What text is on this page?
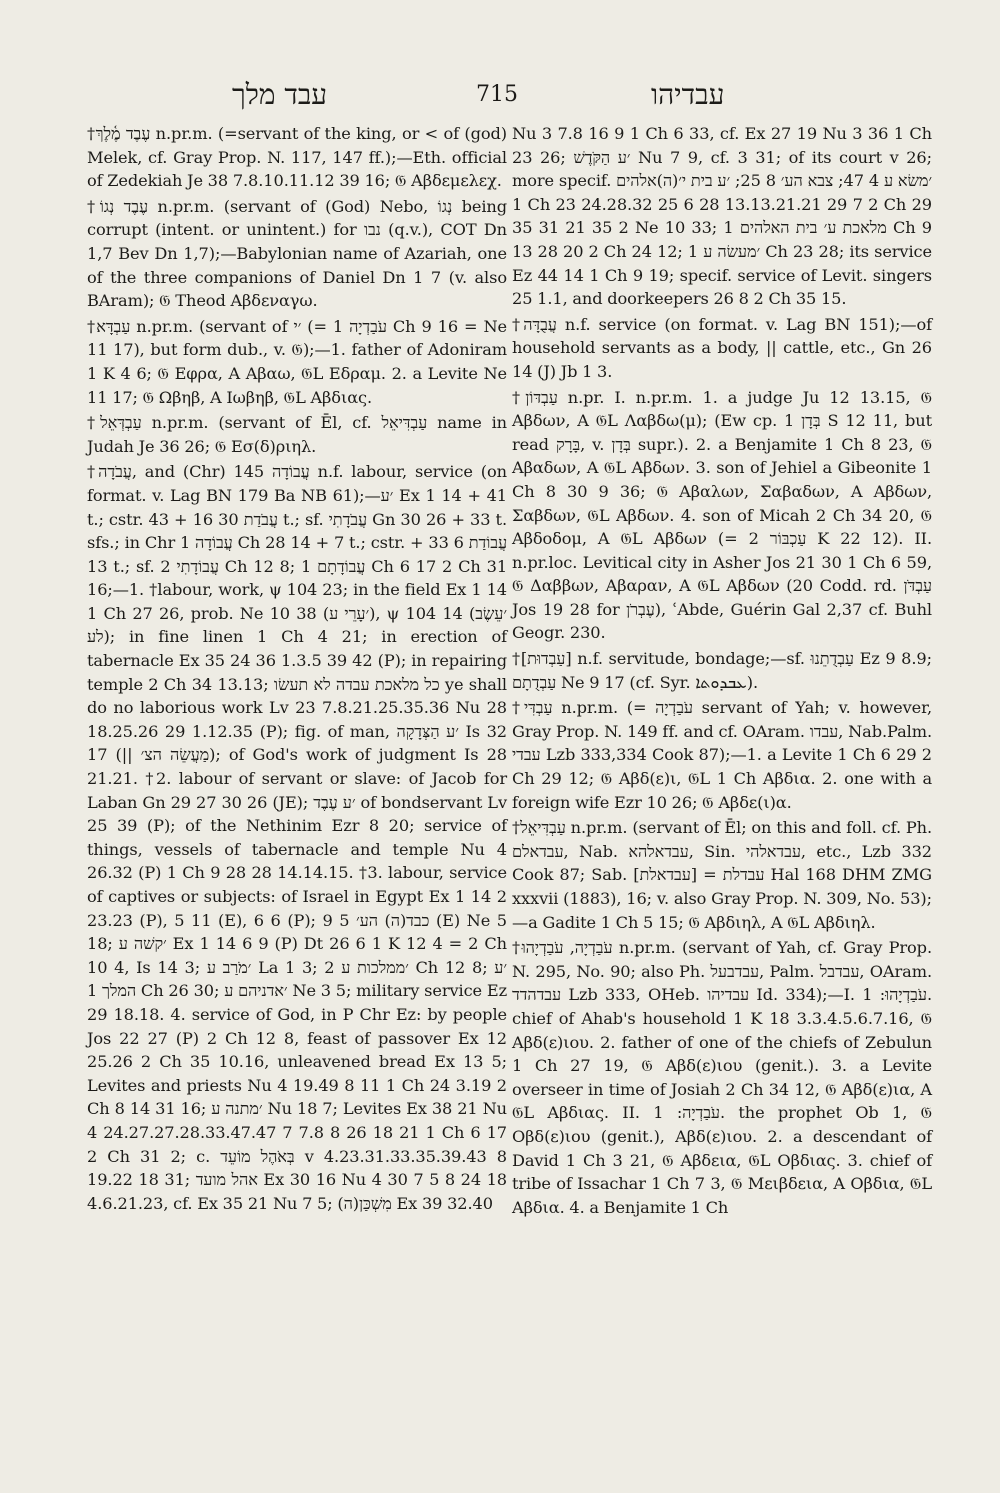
עבד מלך	715	עבדיהו

†עֶבֶד מֶ֫לֶךְ n.pr.m. (=servant of the king, or < of (god) Melek, cf. Gray Prop. N. 117, 147 ff.);—Eth. official of Zedekiah Je 38 7.8.10.11.12 39 16; 𝔊 Αβδεμελεχ.

†עֶבֶד נְגוֹ n.pr.m. (servant of (God) Nebo, נְגוֹ being corrupt (intent. or unintent.) for נבו (q.v.), COT Dn 1,7 Bev Dn 1,7);—Babylonian name of Azariah, one of the three companions of Daniel Dn 1 7 (v. also BAram); 𝔊 Theod Αβδεναγω.

†עַבְדָּא n.pr.m. (servant of ׳י (= עֹבַדְיָה 1 Ch 9 16 = Ne 11 17), but form dub., v. 𝔊);—1. father of Adoniram 1 K 4 6; 𝔊 Εφρα, A Αβαω, 𝔊L Εδραμ. 2. a Levite Ne 11 17; 𝔊 Ωβηβ, A Ιωβηβ, 𝔊L Αβδιας.

†עַבְדְּאֵל n.pr.m. (servant of Ēl, cf. עַבְדִּיאֵל name in Judah Je 36 26; 𝔊 Εσ(δ)ριηλ.

†עֲבֹדָה, and (Chr) עֲבוֹדָה 145 n.f. labour, service (on format. v. Lag BN 179 Ba NB 61);—׳ע Ex 1 14 + 41 t.; cstr. עֲבֹדַת 30 16 + 43 t.; sf. עֲבֹדָתִי Gn 30 26 + 33 t. sfs.; in Chr עֲבוֹדָה 1 Ch 28 14 + 7 t.; cstr. עֲבוֹדַת 6 33 + 13 t.; sf. עֲבוֹדָתִי 2 Ch 12 8; עֲבוֹדָתָם 1 Ch 6 17 2 Ch 31 16;—1. †labour, work, ψ 104 23; in the field Ex 1 14 1 Ch 27 26, prob. Ne 10 38 (׳עָרֵי ע), ψ 104 14 (׳עֵשֶׂב לע); in fine linen 1 Ch 4 21; in erection of tabernacle Ex 35 24 36 1.3.5 39 42 (P); in repairing temple 2 Ch 34 13.13; כל מלאכת עבדה לא תעשׂו ye shall do no laborious work Lv 23 7.8.21.25.35.36 Nu 28 18.25.26 29 1.12.35 (P); fig. of man, ׳ע הַצְּדָקָה Is 32 17 (|| מַעֲשֵׂה הצ׳); of God's work of judgment Is 28 21.21. †2. labour of servant or slave: of Jacob for Laban Gn 29 27 30 26 (JE); ׳ע עֶבֶד of bondservant Lv 25 39 (P); of the Nethinim Ezr 8 20; service of things, vessels of tabernacle and temple Nu 4 26.32 (P) 1 Ch 9 28 28 14.14.15. †3. labour, service of captives or subjects: of Israel in Egypt Ex 1 14 2 23.23 (P), 5 11 (E), 6 6 (P); כבד(ה) הע׳ 5 9 (E) Ne 5 18; ׳קשׁה ע Ex 1 14 6 9 (P) Dt 26 6 1 K 12 4 = 2 Ch 10 4, Is 14 3; ׳מֹרַב ע La 1 3; ׳ממלכות ע 2 Ch 12 8; ׳ע המלך 1 Ch 26 30; ׳אדניהם ע Ne 3 5; military service Ez 29 18.18. 4. service of God, in P Chr Ez: by people Jos 22 27 (P) 2 Ch 12 8, feast of passover Ex 12 25.26 2 Ch 35 10.16, unleavened bread Ex 13 5; Levites and priests Nu 4 19.49 8 11 1 Ch 24 3.19 2 Ch 8 14 31 16; ׳מתנה ע Nu 18 7; Levites Ex 38 21 Nu 4 24.27.27.28.33.47.47 7 7.8 8 26 18 21 1 Ch 6 17 2 Ch 31 2; c. בְּאֹהֶל מוֹעֵד v 4.23.31.33.35.39.43 8 19.22 18 31; אהל מועד Ex 30 16 Nu 4 30 7 5 8 24 18 4.6.21.23, cf. Ex 35 21 Nu 7 5; מִשְׁכַּן(ה) Ex 39 32.40

Nu 3 7.8 16 9 1 Ch 6 33, cf. Ex 27 19 Nu 3 36 1 Ch 23 26; ׳ע הַקֹּדֶשׁ Nu 7 9, cf. 3 31; of its court v 26; more specif. ׳משׂא ע 4 47; צבא הע׳ 8 25; ׳ע בית י׳(ה)אלהים 1 Ch 23 24.28.32 25 6 28 13.13.21.21 29 7 2 Ch 29 35 31 21 35 2 Ne 10 33; מלאכת ע׳ בית האלהים 1 Ch 9 13 28 20 2 Ch 24 12; ׳מעשׂה ע 1 Ch 23 28; its service Ez 44 14 1 Ch 9 19; specif. service of Levit. singers 25 1.1, and doorkeepers 26 8 2 Ch 35 15.

†עֲבֻדָּה n.f. service (on format. v. Lag BN 151);—of household servants as a body, || cattle, etc., Gn 26 14 (J) Jb 1 3.

†עַבְדּוֹן n.pr. I. n.pr.m. 1. a judge Ju 12 13.15, 𝔊 Αβδων, A 𝔊L Λαβδω(μ); (Ew cp. בְּדָן 1 S 12 11, but read בָּרָק, v. בְּדָן supr.). 2. a Benjamite 1 Ch 8 23, 𝔊 Αβαδων, A 𝔊L Αβδων. 3. son of Jehiel a Gibeonite 1 Ch 8 30 9 36; 𝔊 Αβαλων, Σαβαδων, A Αβδων, Σαβδων, 𝔊L Αβδων. 4. son of Micah 2 Ch 34 20, 𝔊 Αβδοδομ, A 𝔊L Αβδων (= עַכְבּוֹר 2 K 22 12). II. n.pr.loc. Levitical city in Asher Jos 21 30 1 Ch 6 59, 𝔊 Δαββων, Αβαραν, A 𝔊L Αβδων (20 Codd. rd. עַבְדֹּן Jos 19 28 for עֶבְרֹן), ʿAbde, Guérin Gal 2,37 cf. Buhl Geogr. 230.

†[עַבְדוּת] n.f. servitude, bondage;—sf. עַבְדֻתֵנוּ Ez 9 8.9; עַבְדֻתָם Ne 9 17 (cf. Syr. ܥܒܕܘܬܐ).

†עַבְדִּי n.pr.m. (= עֹבַדְיָה servant of Yah; v. however, Gray Prop. N. 149 ff. and cf. OAram. עבדו, Nab.Palm. עבדי Lzb 333,334 Cook 87);—1. a Levite 1 Ch 6 29 2 Ch 29 12; 𝔊 Αβδ(ε)ι, 𝔊L 1 Ch Αβδια. 2. one with a foreign wife Ezr 10 26; 𝔊 Αβδε(ι)α.

†עַבְדִּיאֵל n.pr.m. (servant of Ēl; on this and foll. cf. Ph. עבדאלם, Nab. עבדאלהא, Sin. עבדאלהי, etc., Lzb 332 Cook 87; Sab. עבדלת = [עבדאלת] Hal 168 DHM ZMG xxxvii (1883), 16; v. also Gray Prop. N. 309, No. 53);—a Gadite 1 Ch 5 15; 𝔊 Αβδιηλ, A 𝔊L Αβδιηλ.

†עֹבַדְיָה, עֹבַדְיָהוּ n.pr.m. (servant of Yah, cf. Gray Prop. N. 295, No. 90; also Ph. עבדבעל, Palm. עבדבל, OAram. עבדהדד Lzb 333, OHeb. עבדיהו Id. 334);—I. עֹבַדְיָהוּ: 1. chief of Ahab's household 1 K 18 3.3.4.5.6.7.16, 𝔊 Αβδ(ε)ιου. 2. father of one of the chiefs of Zebulun 1 Ch 27 19, 𝔊 Αβδ(ε)ιου (genit.). 3. a Levite overseer in time of Josiah 2 Ch 34 12, 𝔊 Αβδ(ε)ια, A 𝔊L Αβδιας. II. עֹבַדְיָה: 1. the prophet Ob 1, 𝔊 Οβδ(ε)ιου (genit.), Αβδ(ε)ιου. 2. a descendant of David 1 Ch 3 21, 𝔊 Αβδεια, 𝔊L Οβδιας. 3. chief of tribe of Issachar 1 Ch 7 3, 𝔊 Μειβδεια, A Οβδια, 𝔊L Αβδια. 4. a Benjamite 1 Ch
